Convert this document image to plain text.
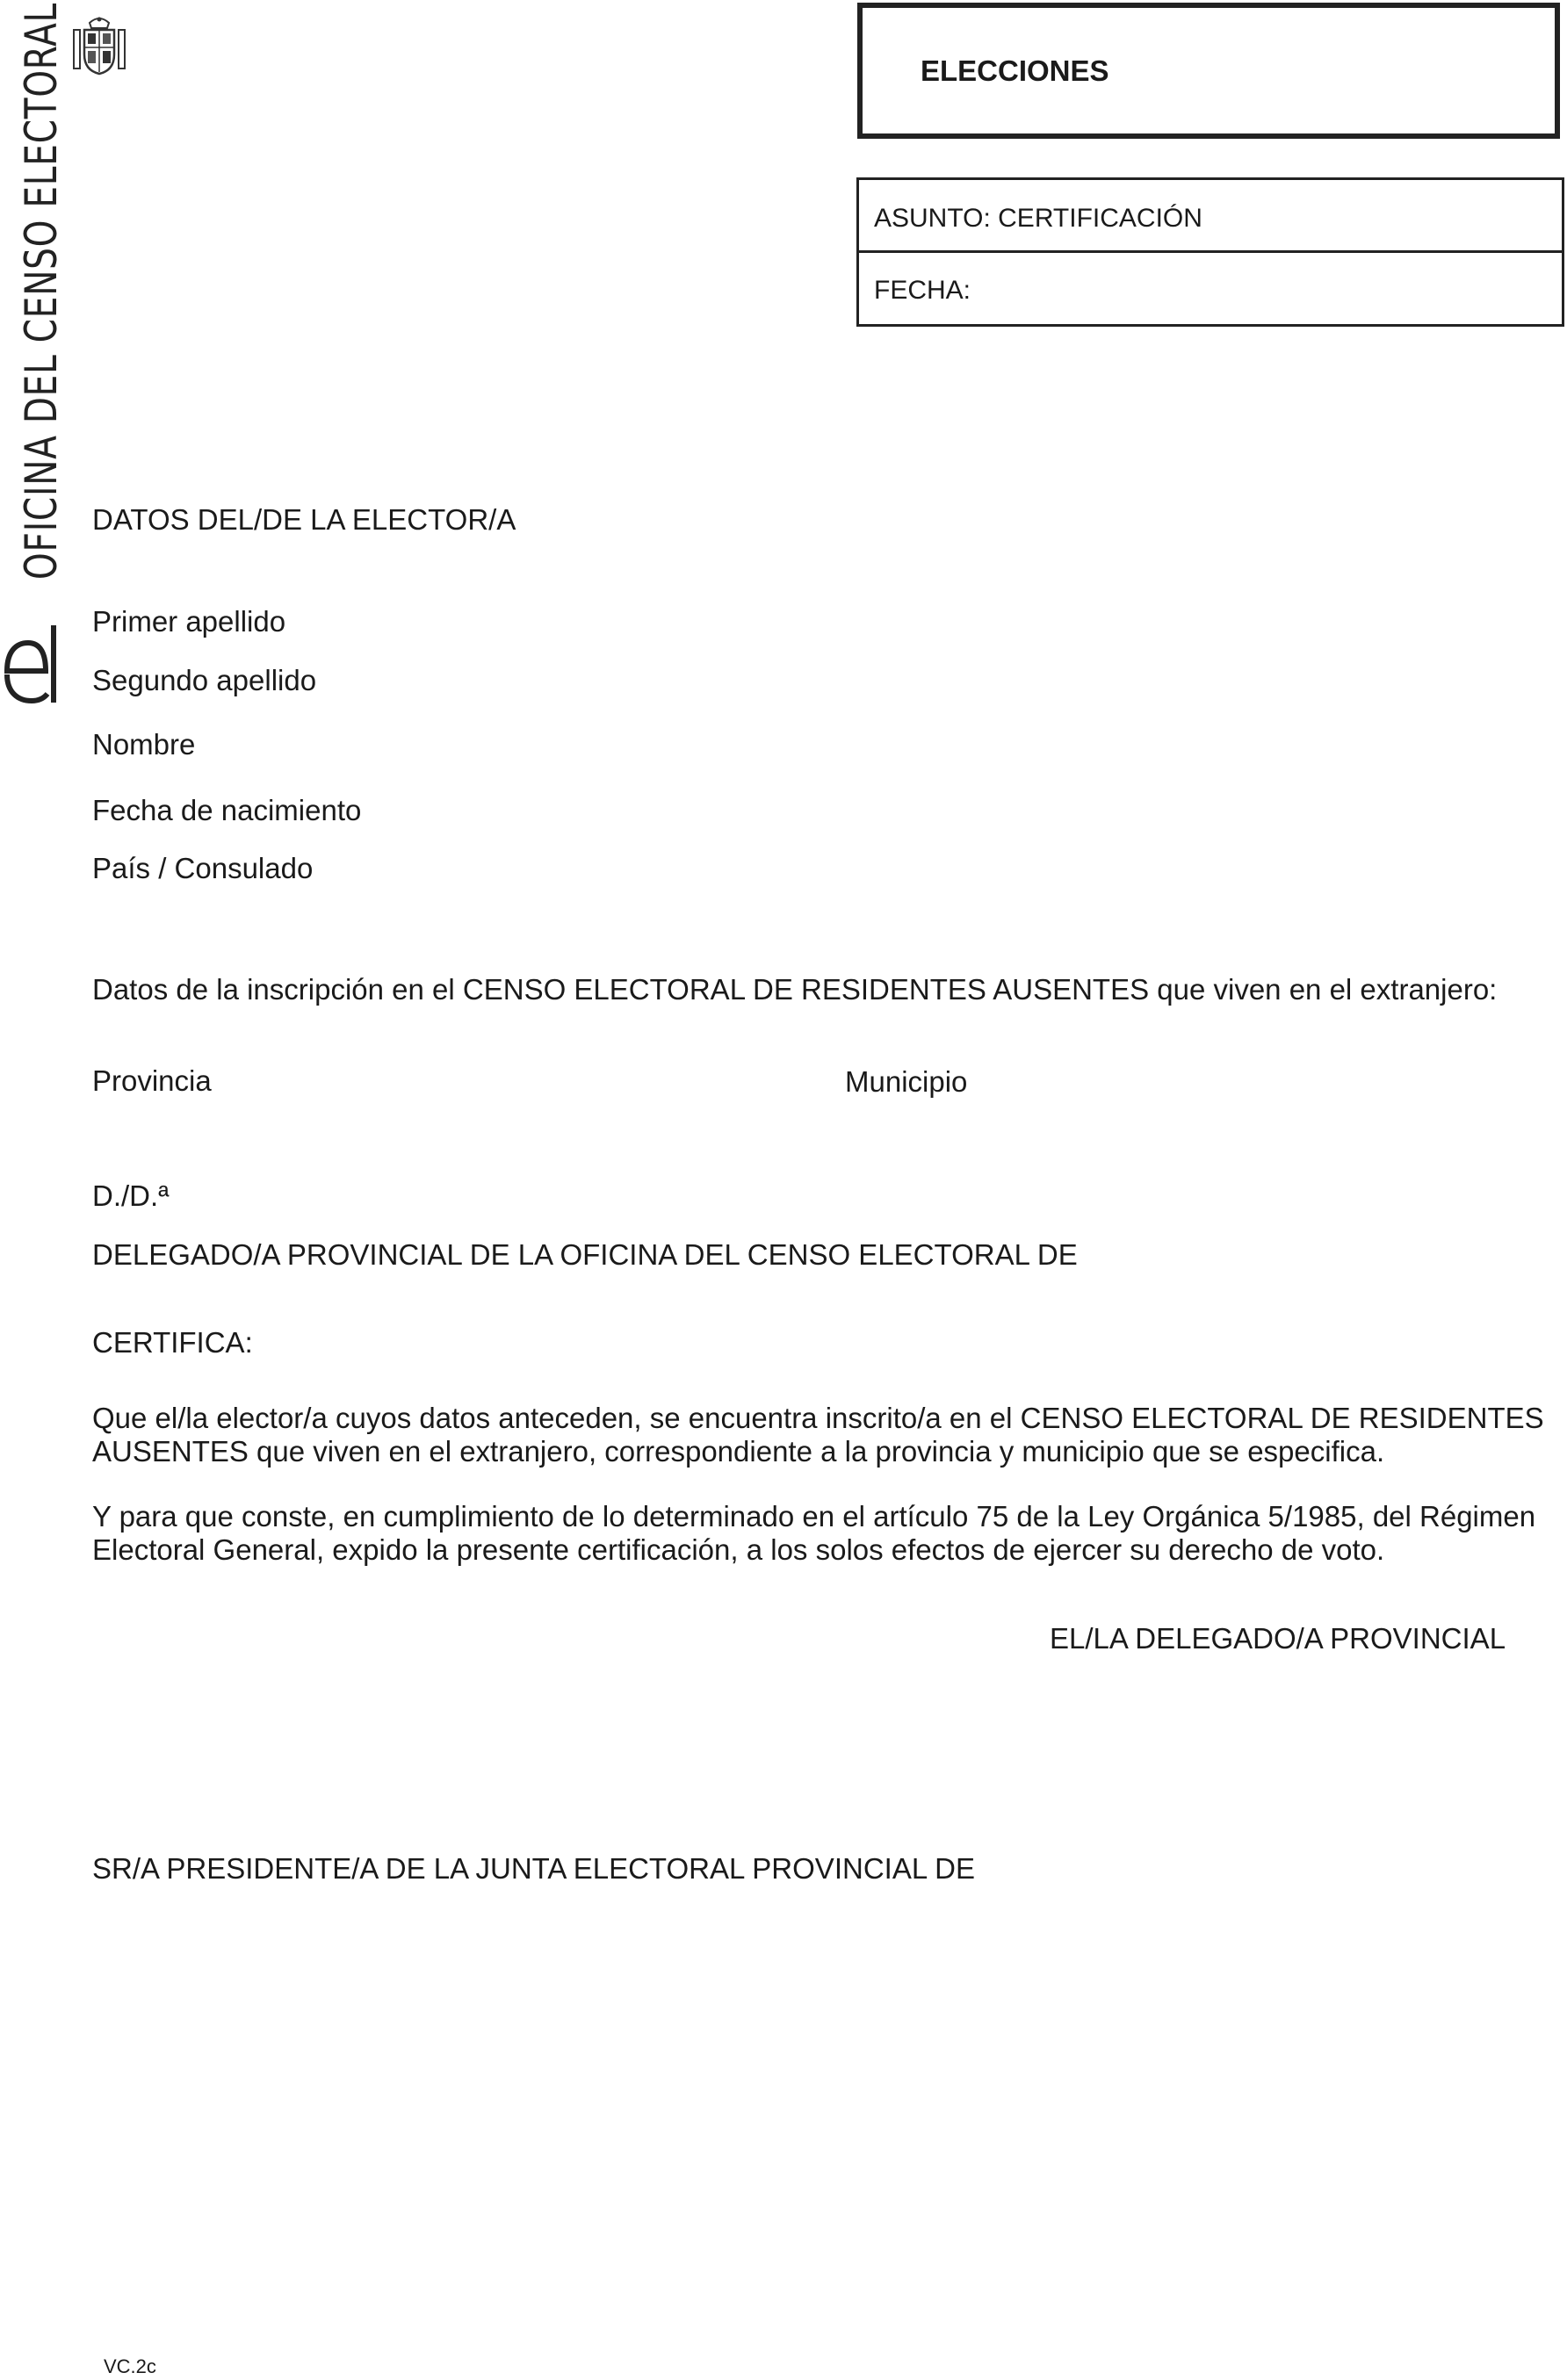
OFICINA DEL CENSO ELECTORAL	ELECCIONES
ASUNTO: CERTIFICACIÓN
FECHA:
DATOS DEL/DE LA ELECTOR/A
Primer apellido
Segundo apellido
Nombre
Fecha de nacimiento
País / Consulado
Datos de la inscripción en el CENSO ELECTORAL DE RESIDENTES AUSENTES que viven en el extranjero:
Provincia	Municipio
D./D.ª
DELEGADO/A PROVINCIAL DE LA OFICINA DEL CENSO ELECTORAL DE
CERTIFICA:
Que el/la elector/a cuyos datos anteceden, se encuentra inscrito/a en el CENSO ELECTORAL DE RESIDENTES AUSENTES que viven en el extranjero, correspondiente a la provincia y municipio que se especifica.
Y para que conste, en cumplimiento de lo determinado en el artículo 75 de la Ley Orgánica 5/1985, del Régimen Electoral General, expido la presente certificación, a los solos efectos de ejercer su derecho de voto.
EL/LA DELEGADO/A PROVINCIAL
SR/A PRESIDENTE/A DE LA JUNTA ELECTORAL PROVINCIAL DE
VC.2c
